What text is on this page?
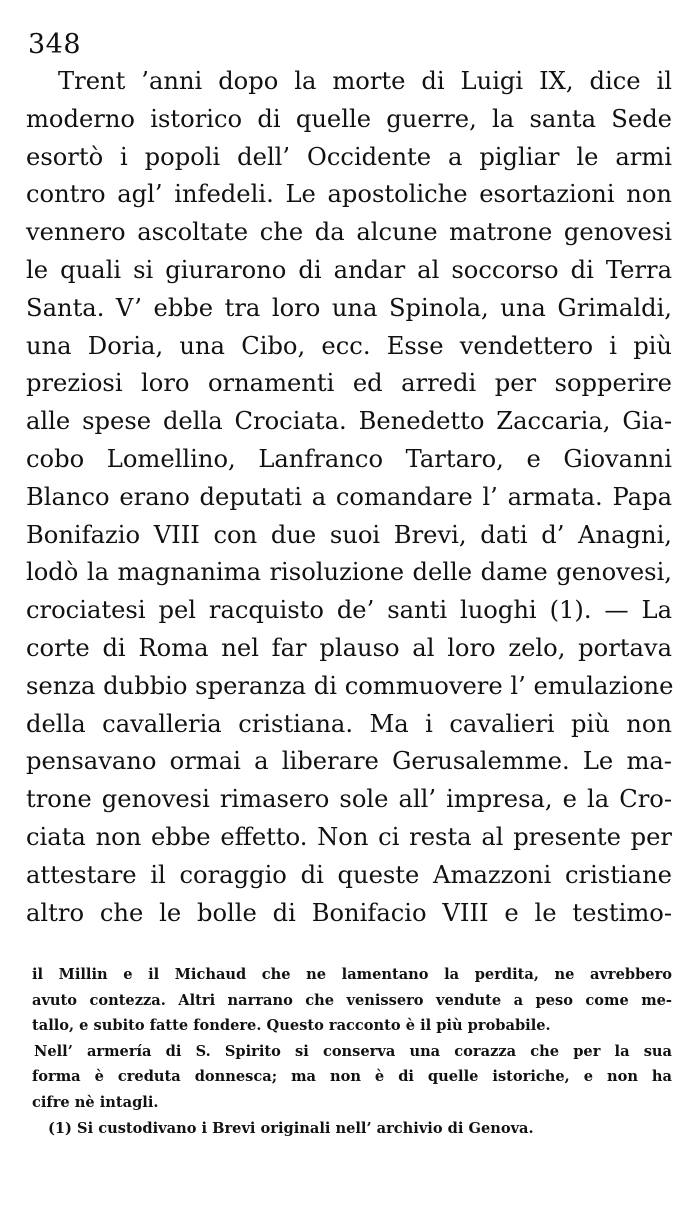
348
Trent ’anni dopo la morte di Luigi IX, dice il
moderno istorico di quelle guerre, la santa Sede
esortò i popoli dell’ Occidente a pigliar le armi
contro agl’ infedeli. Le apostoliche esortazioni non
vennero ascoltate che da alcune matrone genovesi
le quali si giurarono di andar al soccorso di Terra
Santa. V’ ebbe tra loro una Spinola, una Grimaldi,
una Doria, una Cibo, ecc. Esse vendettero i più
preziosi loro ornamenti ed arredi per sopperire
alle spese della Crociata. Benedetto Zaccaria, Gia-
cobo Lomellino, Lanfranco Tartaro, e Giovanni
Blanco erano deputati a comandare l’ armata. Papa
Bonifazio VIII con due suoi Brevi, dati d’ Anagni,
lodò la magnanima risoluzione delle dame genovesi,
crociatesi pel racquisto de’ santi luoghi (1). — La
corte di Roma nel far plauso al loro zelo, portava
senza dubbio speranza di commuovere l’ emulazione
della cavalleria cristiana. Ma i cavalieri più non
pensavano ormai a liberare Gerusalemme. Le ma-
trone genovesi rimasero sole all’ impresa, e la Cro-
ciata non ebbe effetto. Non ci resta al presente per
attestare il coraggio di queste Amazzoni cristiane
altro che le bolle di Bonifacio VIII e le testimo-
il Millin e il Michaud che ne lamentano la perdita, ne avrebbero
avuto contezza. Altri narrano che venissero vendute a peso come me-
tallo, e subito fatte fondere. Questo racconto è il più probabile.
Nell’ armería di S. Spirito si conserva una corazza che per la sua
forma è creduta donnesca; ma non è di quelle istoriche, e non ha
cifre nè intagli.
(1) Si custodivano i Brevi originali nell’ archivio di Genova.
